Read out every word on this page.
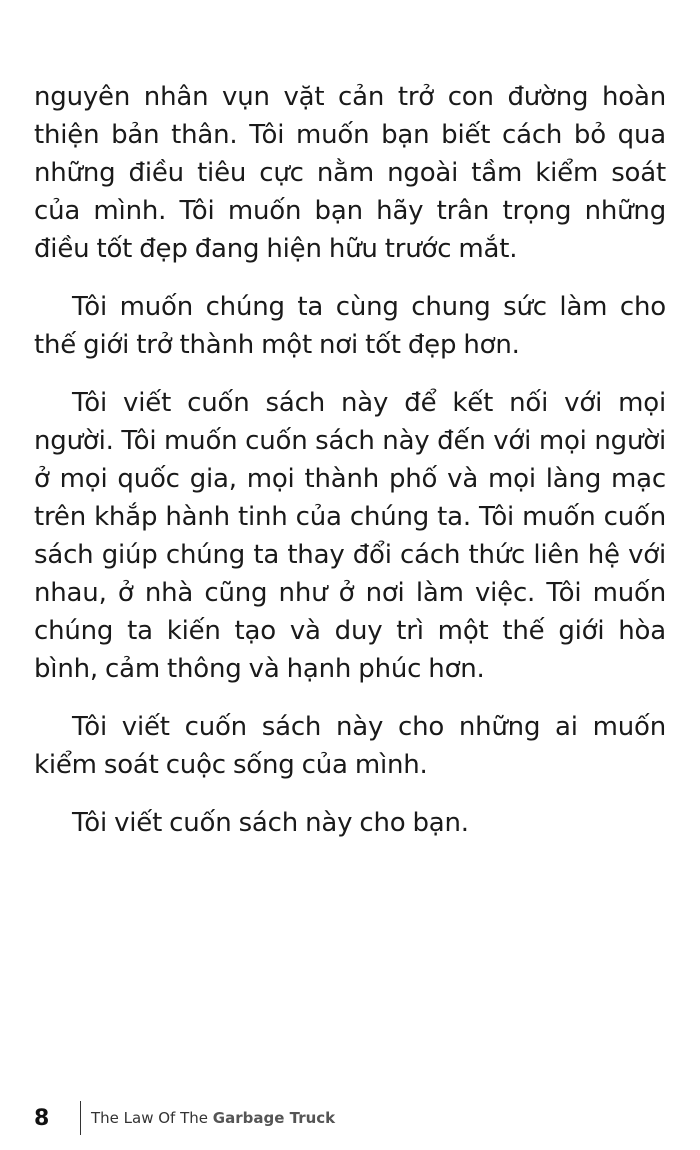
nguyên nhân vụn vặt cản trở con đường hoàn thiện bản thân. Tôi muốn bạn biết cách bỏ qua những điều tiêu cực nằm ngoài tầm kiểm soát của mình. Tôi muốn bạn hãy trân trọng những điều tốt đẹp đang hiện hữu trước mắt.

Tôi muốn chúng ta cùng chung sức làm cho thế giới trở thành một nơi tốt đẹp hơn.

Tôi viết cuốn sách này để kết nối với mọi người. Tôi muốn cuốn sách này đến với mọi người ở mọi quốc gia, mọi thành phố và mọi làng mạc trên khắp hành tinh của chúng ta. Tôi muốn cuốn sách giúp chúng ta thay đổi cách thức liên hệ với nhau, ở nhà cũng như ở nơi làm việc. Tôi muốn chúng ta kiến tạo và duy trì một thế giới hòa bình, cảm thông và hạnh phúc hơn.

Tôi viết cuốn sách này cho những ai muốn kiểm soát cuộc sống của mình.

Tôi viết cuốn sách này cho bạn.

8	The Law Of The Garbage Truck
